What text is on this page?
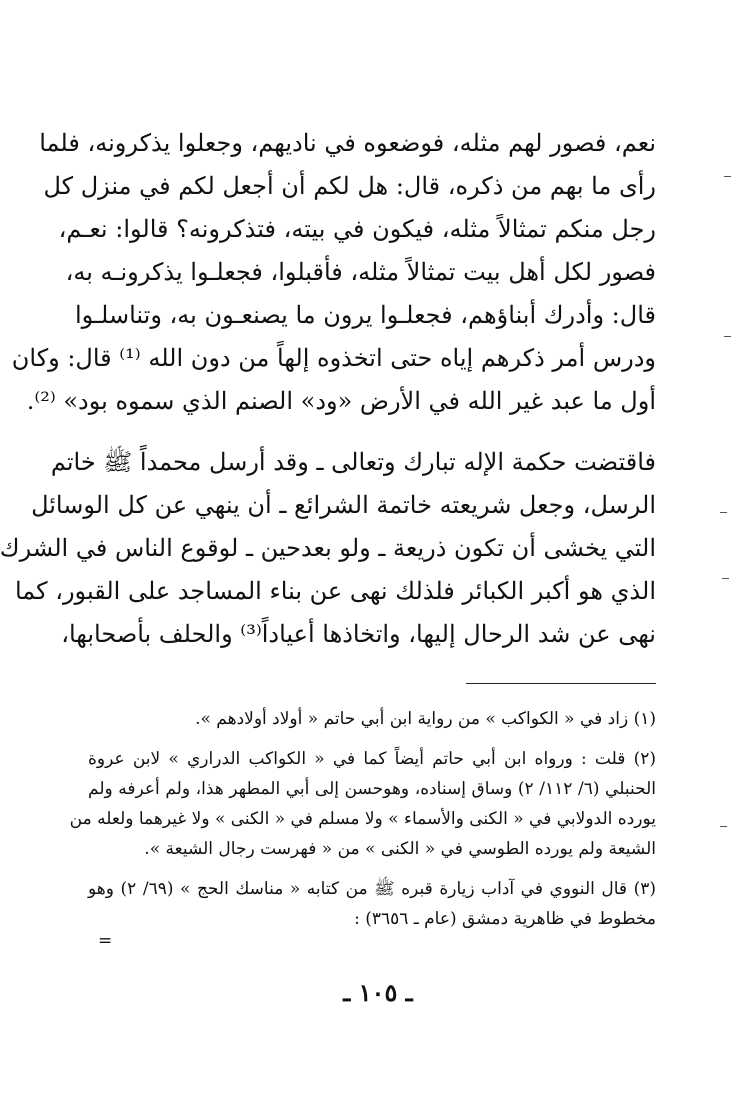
نعم، فصور لهم مثله، فوضعوه في ناديهم، وجعلوا يذكرونه، فلما
رأى ما بهم من ذكره، قال: هل لكم أن أجعل لكم في منزل كل
رجل منكم تمثالاً مثله، فيكون في بيته، فتذكرونه؟ قالوا: نعـم،
فصور لكل أهل بيت تمثالاً مثله، فأقبلوا، فجعلـوا يذكرونـه به،
قال: وأدرك أبناؤهم، فجعلـوا يرون ما يصنعـون به، وتناسلـوا
ودرس أمر ذكرهم إياه حتى اتخذوه إلهاً من دون الله ⁽¹⁾ قال: وكان
أول ما عبد غير الله في الأرض «ود» الصنم الذي سموه بود» ⁽²⁾.
فاقتضت حكمة الإله تبارك وتعالى ـ وقد أرسل محمداً ﷺ خاتم
الرسل، وجعل شريعته خاتمة الشرائع ـ أن ينهي عن كل الوسائل
التي يخشى أن تكون ذريعة ـ ولو بعدحين ـ لوقوع الناس في الشرك
الذي هو أكبر الكبائر فلذلك نهى عن بناء المساجد على القبور، كما
نهى عن شد الرحال إليها، واتخاذها أعياداً⁽³⁾ والحلف بأصحابها،
(١) زاد في « الكواكب » من رواية ابن أبي حاتم « أولاد أولادهم ».
(٢) قلت : ورواه ابن أبي حاتم أيضاً كما في « الكواكب الدراري » لابن عروة
الحنبلي (٦/ ١١٢/ ٢) وساق إسناده، وهوحسن إلى أبي المطهر هذا، ولم أعرفه ولم
يورده الدولابي في « الكنى والأسماء » ولا مسلم في « الكنى » ولا غيرهما ولعله من
الشيعة ولم يورده الطوسي في « الكنى » من « فهرست رجال الشيعة ».
(٣) قال النووي في آداب زيارة قبره ﷺ من كتابه « مناسك الحج » (٦٩/ ٢) وهو
مخطوط في ظاهرية دمشق (عام ـ ٣٦٥٦) :
=
ـ ١٠٥ ـ
